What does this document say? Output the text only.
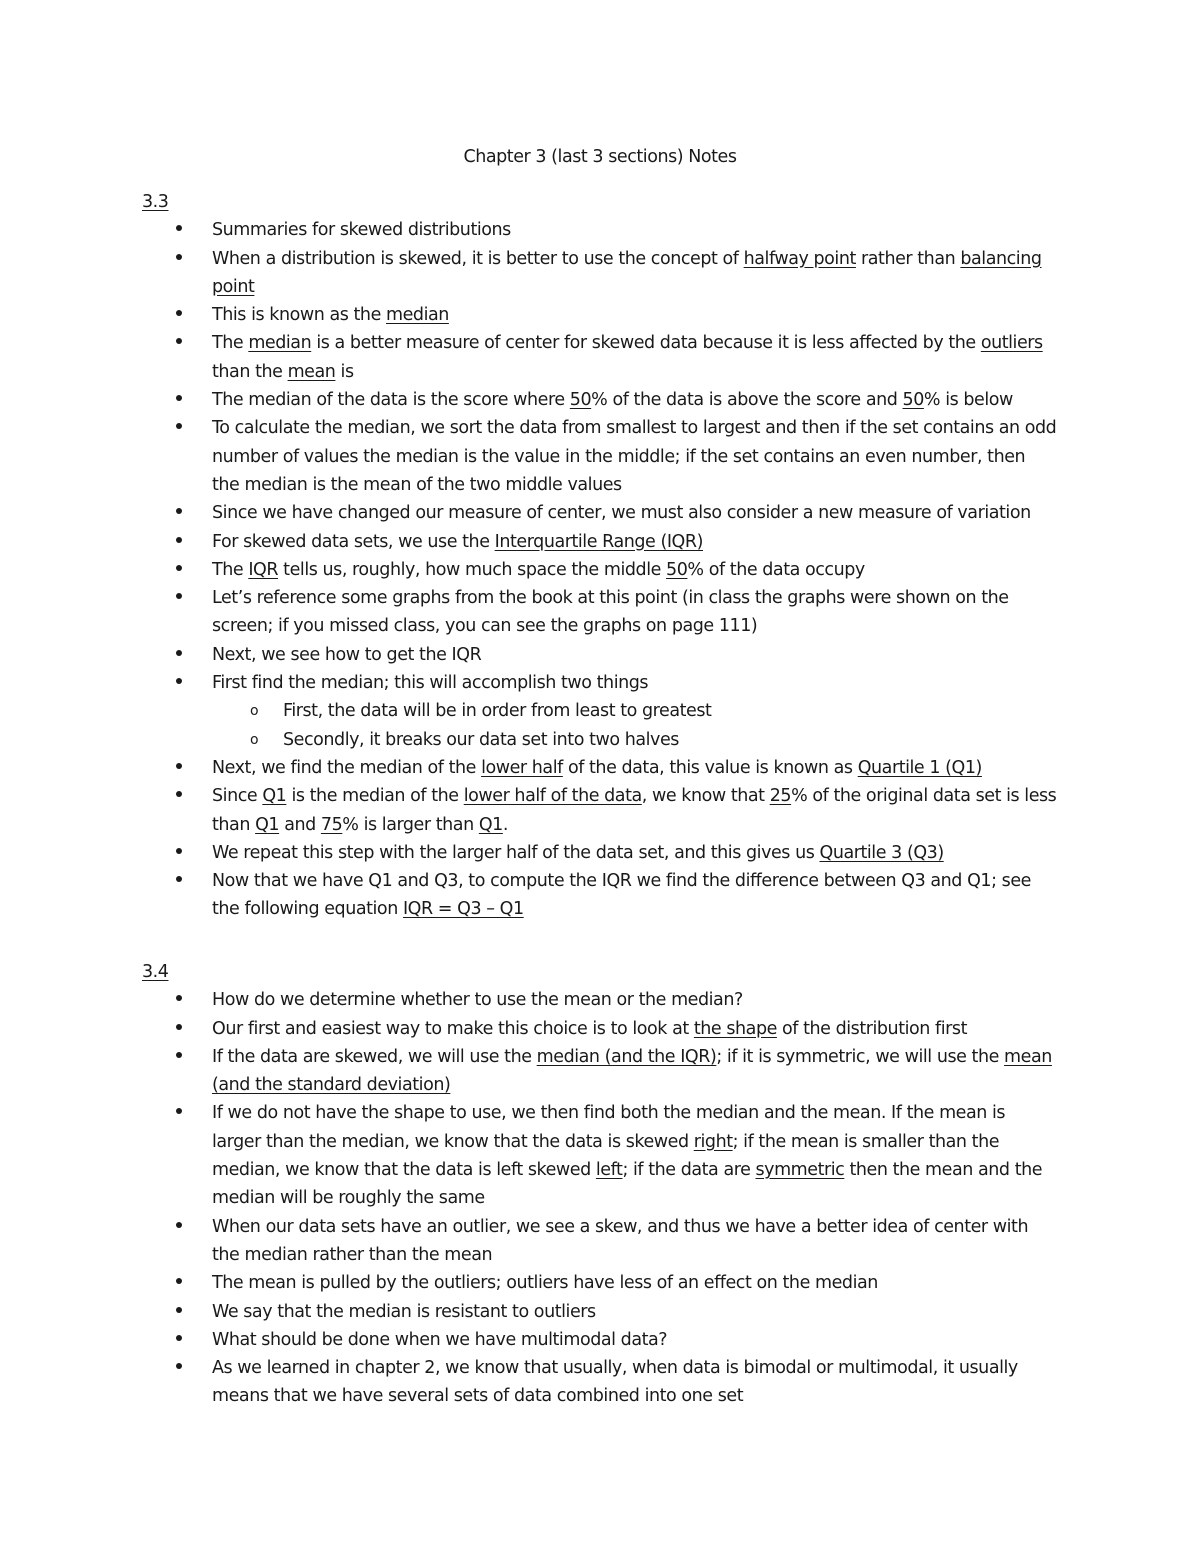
Chapter 3 (last 3 sections) Notes
3.3
Summaries for skewed distributions
When a distribution is skewed, it is better to use the concept of halfway point rather than balancing point
This is known as the median
The median is a better measure of center for skewed data because it is less affected by the outliers than the mean is
The median of the data is the score where 50% of the data is above the score and 50% is below
To calculate the median, we sort the data from smallest to largest and then if the set contains an odd number of values the median is the value in the middle; if the set contains an even number, then the median is the mean of the two middle values
Since we have changed our measure of center, we must also consider a new measure of variation
For skewed data sets, we use the Interquartile Range (IQR)
The IQR tells us, roughly, how much space the middle 50% of the data occupy
Let’s reference some graphs from the book at this point (in class the graphs were shown on the screen; if you missed class, you can see the graphs on page 111)
Next, we see how to get the IQR
First find the median; this will accomplish two things
o First, the data will be in order from least to greatest
o Secondly, it breaks our data set into two halves
Next, we find the median of the lower half of the data, this value is known as Quartile 1 (Q1)
Since Q1 is the median of the lower half of the data, we know that 25% of the original data set is less than Q1 and 75% is larger than Q1.
We repeat this step with the larger half of the data set, and this gives us Quartile 3 (Q3)
Now that we have Q1 and Q3, to compute the IQR we find the difference between Q3 and Q1; see the following equation IQR = Q3 – Q1
3.4
How do we determine whether to use the mean or the median?
Our first and easiest way to make this choice is to look at the shape of the distribution first
If the data are skewed, we will use the median (and the IQR); if it is symmetric, we will use the mean (and the standard deviation)
If we do not have the shape to use, we then find both the median and the mean. If the mean is larger than the median, we know that the data is skewed right; if the mean is smaller than the median, we know that the data is left skewed left; if the data are symmetric then the mean and the median will be roughly the same
When our data sets have an outlier, we see a skew, and thus we have a better idea of center with the median rather than the mean
The mean is pulled by the outliers; outliers have less of an effect on the median
We say that the median is resistant to outliers
What should be done when we have multimodal data?
As we learned in chapter 2, we know that usually, when data is bimodal or multimodal, it usually means that we have several sets of data combined into one set
